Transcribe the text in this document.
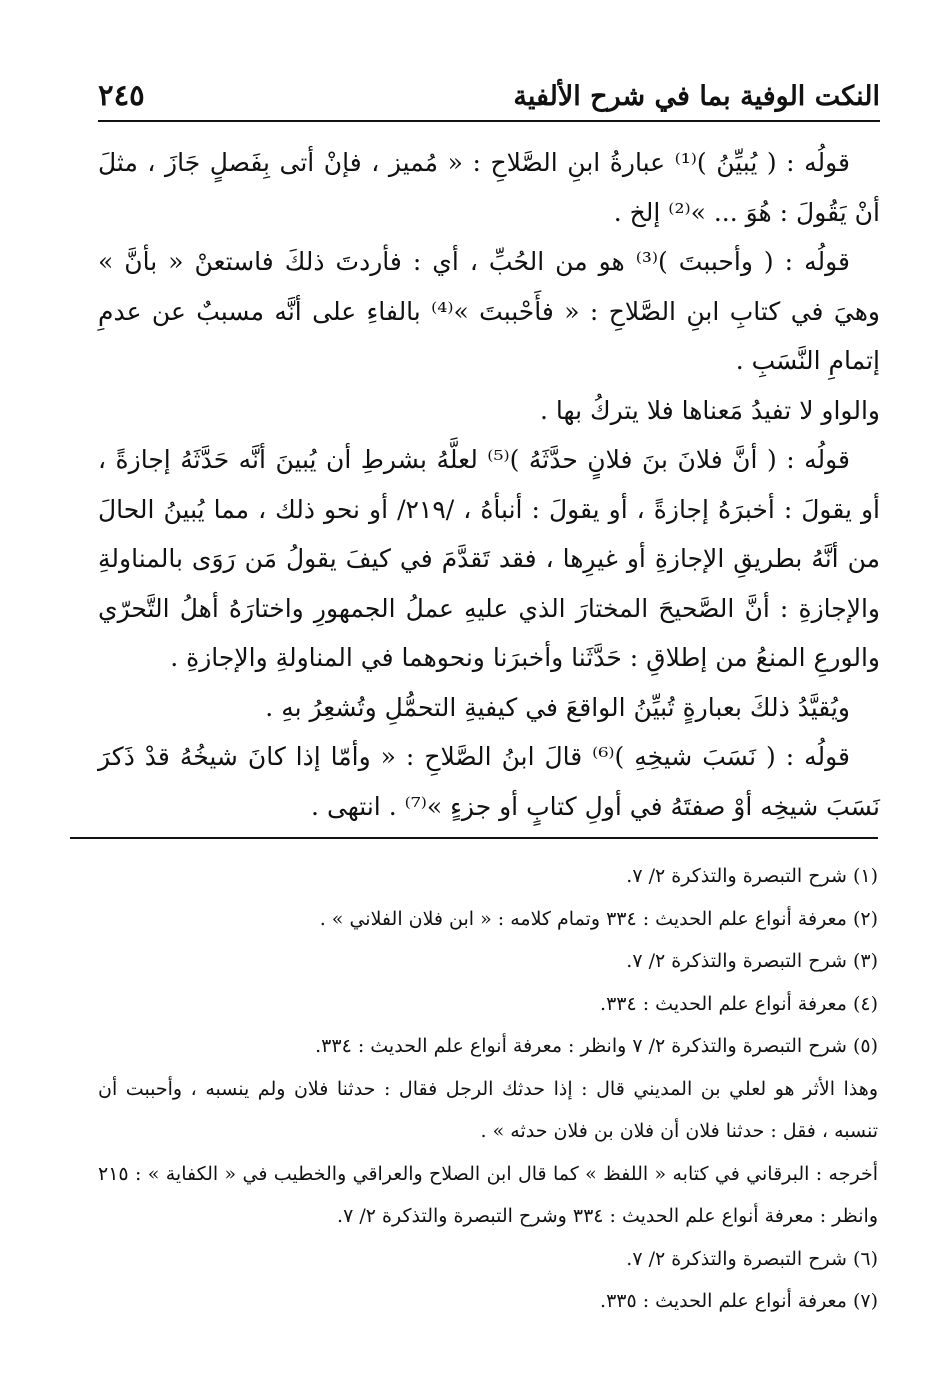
النكت الوفية بما في شرح الألفية
٢٤٥

قولُه : ( يُبيِّنُ )⁽¹⁾ عبارةُ ابنِ الصَّلاحِ : « مُميز ، فإنْ أتى بِفَصلٍ جَازَ ، مثلَ أنْ يَقُولَ : هُوَ ... »⁽²⁾ إلخ .

قولُه : ( وأحببتَ )⁽³⁾ هو من الحُبِّ ، أي : فأردتَ ذلكَ فاستعنْ « بأنَّ » وهيَ في كتابِ ابنِ الصَّلاحِ : « فأَحْببتَ »⁽⁴⁾ بالفاءِ على أنَّه مسببٌ عن عدمِ إتمامِ النَّسَبِ .

والواو لا تفيدُ مَعناها فلا يتركُ بها .

قولُه : ( أنَّ فلانَ بنَ فلانٍ حدَّثَهُ )⁽⁵⁾ لعلَّهُ بشرطِ أن يُبينَ أنَّه حَدَّثَهُ إجازةً ، أو يقولَ : أخبرَهُ إجازةً ، أو يقولَ : أنبأهُ ، /٢١٩/ أو نحو ذلك ، مما يُبينُ الحالَ من أنَّهُ بطريقِ الإجازةِ أو غيرِها ، فقد تَقدَّمَ في كيفَ يقولُ مَن رَوَى بالمناولةِ والإجازةِ : أنَّ الصَّحيحَ المختارَ الذي عليهِ عملُ الجمهورِ واختارَهُ أهلُ التَّحرّي والورعِ المنعُ من إطلاقِ : حَدَّثَنا وأخبرَنا ونحوهما في المناولةِ والإجازةِ .

ويُقيَّدُ ذلكَ بعبارةٍ تُبيِّنُ الواقعَ في كيفيةِ التحمُّلِ وتُشعِرُ بهِ .

قولُه : ( نَسَبَ شيخِهِ )⁽⁶⁾ قالَ ابنُ الصَّلاحِ : « وأمّا إذا كانَ شيخُهُ قدْ ذَكرَ نَسَبَ شيخِه أوْ صفتَهُ في أولِ كتابٍ أو جزءٍ »⁽⁷⁾ . انتهى .

(١) شرح التبصرة والتذكرة ٢/ ٧.

(٢) معرفة أنواع علم الحديث : ٣٣٤ وتمام كلامه : « ابن فلان الفلاني » .

(٣) شرح التبصرة والتذكرة ٢/ ٧.

(٤) معرفة أنواع علم الحديث : ٣٣٤.

(٥) شرح التبصرة والتذكرة ٢/ ٧ وانظر : معرفة أنواع علم الحديث : ٣٣٤.

وهذا الأثر هو لعلي بن المديني قال : إذا حدثك الرجل فقال : حدثنا فلان ولم ينسبه ، وأحببت أن تنسبه ، فقل : حدثنا فلان أن فلان بن فلان حدثه » .

أخرجه : البرقاني في كتابه « اللفظ » كما قال ابن الصلاح والعراقي والخطيب في « الكفاية » : ٢١٥ وانظر : معرفة أنواع علم الحديث : ٣٣٤ وشرح التبصرة والتذكرة ٢/ ٧.

(٦) شرح التبصرة والتذكرة ٢/ ٧.

(٧) معرفة أنواع علم الحديث : ٣٣٥.
